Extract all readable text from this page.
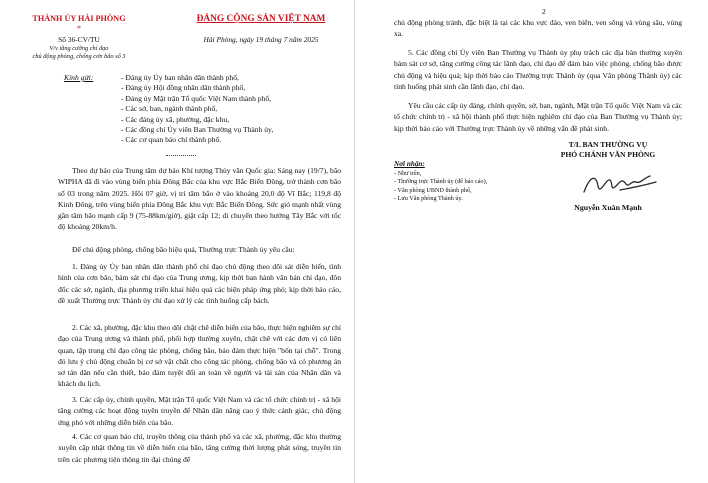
THÀNH ỦY HẢI PHÒNG
*
Số 36-CV/TU
V/v tăng cường chỉ đạo
chủ động phòng, chống cơn bão số 3
ĐẢNG CỘNG SẢN VIỆT NAM
Hải Phòng, ngày 19 tháng 7 năm 2025
Kính gửi:	- Đảng ủy Ủy ban nhân dân thành phố,
- Đảng ủy Hội đồng nhân dân thành phố,
- Đảng ủy Mặt trận Tổ quốc Việt Nam thành phố,
- Các sở, ban, ngành thành phố,
- Các đảng ủy xã, phường, đặc khu,
- Các đồng chí Ủy viên Ban Thường vụ Thành ủy,
- Các cơ quan báo chí thành phố.
Theo dự báo của Trung tâm dự báo Khí tượng Thủy văn Quốc gia: Sáng nay (19/7), bão WIPHA đã đi vào vùng biển phía Đông Bắc của khu vực Bắc Biển Đông, trở thành cơn bão số 03 trong năm 2025. Hồi 07 giờ, vị trí tâm bão ở vào khoảng 20,0 độ Vĩ Bắc; 119,8 độ Kinh Đông, trên vùng biển phía Đông Bắc khu vực Bắc Biển Đông. Sức gió mạnh nhất vùng gần tâm bão mạnh cấp 9 (75-88km/giờ), giật cấp 12; di chuyển theo hướng Tây Bắc với tốc độ khoảng 20km/h.
Để chủ động phòng, chống bão hiệu quả, Thường trực Thành ủy yêu cầu:
1. Đảng ủy Ủy ban nhân dân thành phố chỉ đạo chủ động theo dõi sát diễn biến, tình hình của cơn bão, bám sát chỉ đạo của Trung ương, kịp thời ban hành văn bản chỉ đạo, đôn đốc các sở, ngành, địa phương triển khai hiệu quả các biện pháp ứng phó; kịp thời báo cáo, đề xuất Thường trực Thành ủy chỉ đạo xử lý các tình huống cấp bách.
2. Các xã, phường, đặc khu theo dõi chặt chẽ diễn biến của bão, thực hiện nghiêm sự chỉ đạo của Trung ương và thành phố, phối hợp thường xuyên, chặt chẽ với các đơn vị có liên quan, tập trung chỉ đạo công tác phòng, chống bão, bảo đảm thực hiện "bốn tại chỗ". Trong đó lưu ý chủ động chuẩn bị cơ sở vật chất cho công tác phòng, chống bão và có phương án sơ tán dân nếu cần thiết, bảo đảm tuyệt đối an toàn về người và tài sản của Nhân dân và khách du lịch.
3. Các cấp ủy, chính quyền, Mặt trận Tổ quốc Việt Nam và các tổ chức chính trị - xã hội tăng cường các hoạt động tuyên truyền để Nhân dân nâng cao ý thức cảnh giác, chủ động ứng phó với những diễn biến của bão.
4. Các cơ quan báo chí, truyền thông của thành phố và các xã, phường, đặc khu thường xuyên cập nhật thông tin về diễn biến của bão, tăng cường thời lượng phát sóng, truyền tin trên các phương tiện thông tin đại chúng để
2
chủ động phòng tránh, đặc biệt là tại các khu vực đảo, ven biển, ven sông và vùng sâu, vùng xa.
5. Các đồng chí Ủy viên Ban Thường vụ Thành ủy phụ trách các địa bàn thường xuyên bám sát cơ sở, tăng cường công tác lãnh đạo, chỉ đạo để đảm bảo việc phòng, chống bão được chủ động và hiệu quả; kịp thời báo cáo Thường trực Thành ủy (qua Văn phòng Thành ủy) các tình huống phát sinh cần lãnh đạo, chỉ đạo.
Yêu cầu các cấp ủy đảng, chính quyền, sở, ban, ngành, Mặt trận Tổ quốc Việt Nam và các tổ chức chính trị - xã hội thành phố thực hiện nghiêm chỉ đạo của Ban Thường vụ Thành ủy; kịp thời báo cáo với Thường trực Thành ủy về những vấn đề phát sinh.
Nơi nhận:
- Như trên,
- Thường trực Thành ủy (để báo cáo),
- Văn phòng UBND thành phố,
- Lưu Văn phòng Thành ủy.
T/L BAN THƯỜNG VỤ
PHÓ CHÁNH VĂN PHÒNG
Nguyễn Xuân Mạnh
